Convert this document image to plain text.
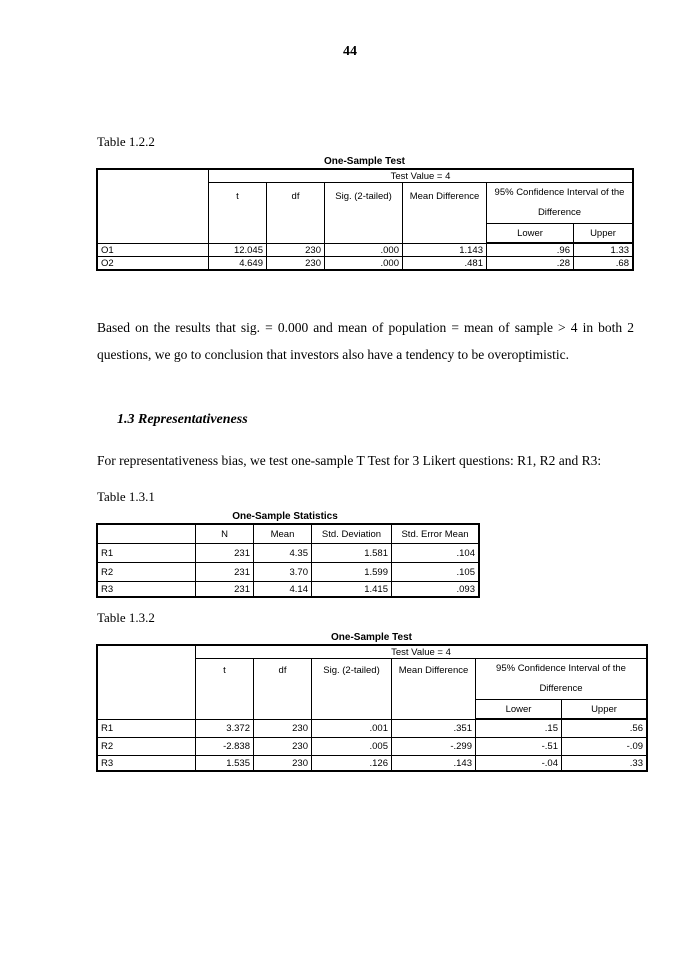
44
Table 1.2.2
One-Sample Test
	Test Value = 4					
	t	df	Sig. (2-tailed)	Mean Difference	95% Confidence Interval of the Difference	
					Lower	Upper

O1	12.045	230	.000	1.143	.96	1.33
O2	4.649	230	.000	.481	.28	.68
Based on the results that sig. = 0.000 and mean of population = mean of sample > 4 in both 2 questions, we go to conclusion that investors also have a tendency to be overoptimistic.
1.3 Representativeness
For representativeness bias, we test one-sample T Test for 3 Likert questions: R1, R2 and R3:
Table 1.3.1
One-Sample Statistics
	N	Mean	Std. Deviation	Std. Error Mean
R1	231	4.35	1.581	.104
R2	231	3.70	1.599	.105
R3	231	4.14	1.415	.093
Table 1.3.2
One-Sample Test
	Test Value = 4					
	t	df	Sig. (2-tailed)	Mean Difference	95% Confidence Interval of the Difference	
					Lower	Upper

R1	3.372	230	.001	.351	.15	.56
R2	-2.838	230	.005	-.299	-.51	-.09
R3	1.535	230	.126	.143	-.04	.33
